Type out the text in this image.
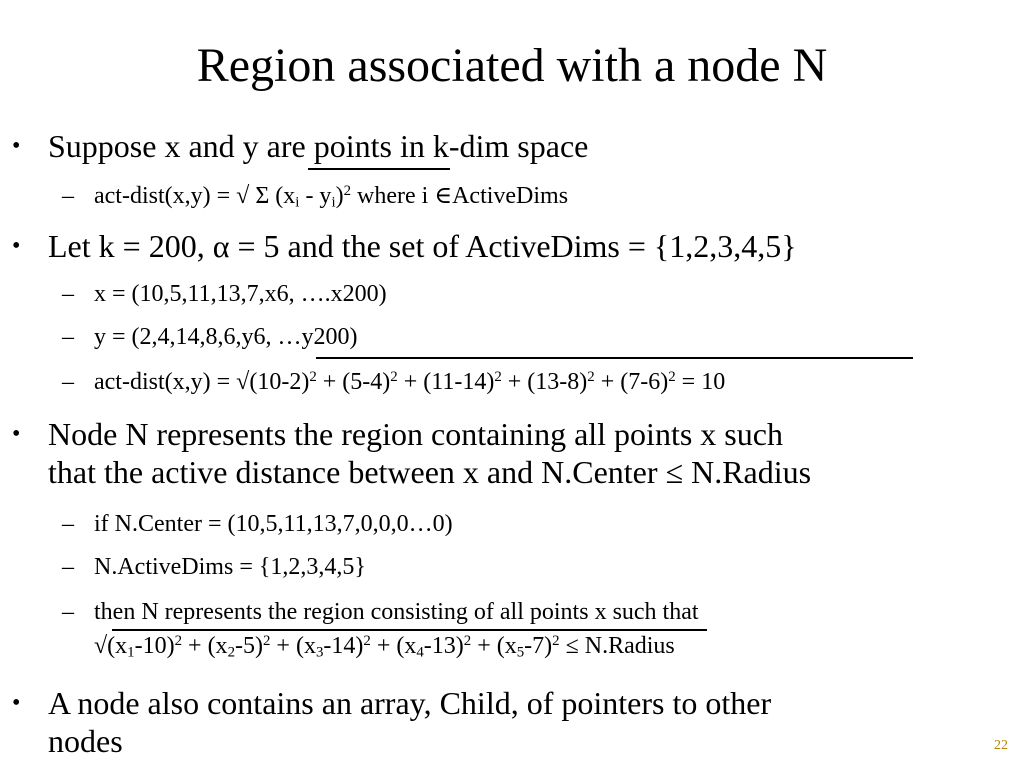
Region associated with a node N
• Suppose x and y are points in k-dim space
– act-dist(x,y) = √ Σ $(x_i - y_i)^2$ where i ∈ActiveDims
• Let k = 200, α = 5 and the set of ActiveDims = {1,2,3,4,5}
– x = (10,5,11,13,7,x6, ….x200)
– y = (2,4,14,8,6,y6, …y200)
– act-dist(x,y) = $√(10-2)^2 + (5-4)^2 + (11-14)^2 + (13-8)^2 + (7-6)^2 = 10$
• Node N represents the region containing all points x such
that the active distance between x and N.Center ≤ N.Radius
– if N.Center = (10,5,11,13,7,0,0,0…0)
– N.ActiveDims = {1,2,3,4,5}
– then N represents the region consisting of all points x such that
$√(x_1-10)^2 + (x_2-5)^2 + (x_3-14)^2 + (x_4-13)^2 + (x_5-7)^2$ ≤ N.Radius
• A node also contains an array, Child, of pointers to other
nodes	22
